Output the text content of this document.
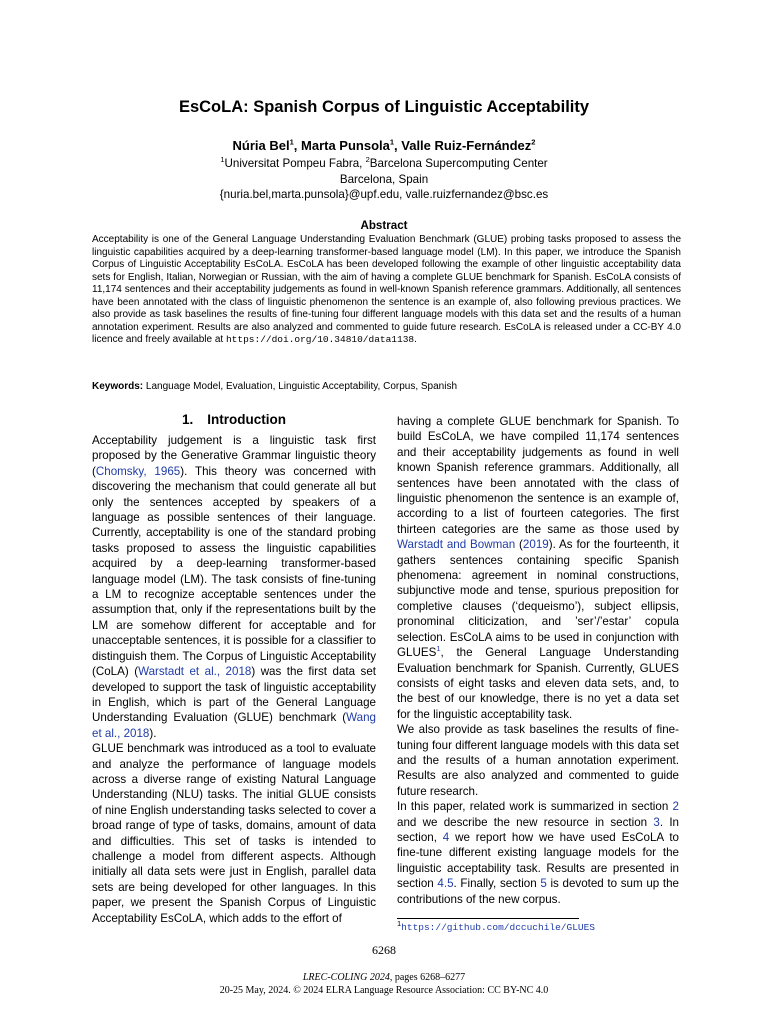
EsCoLA: Spanish Corpus of Linguistic Acceptability
Núria Bel$^1$, Marta Punsola$^1$, Valle Ruiz-Fernández$^2$
$^1$Universitat Pompeu Fabra, $^2$Barcelona Supercomputing Center
Barcelona, Spain
{nuria.bel,marta.punsola}@upf.edu, valle.ruizfernandez@bsc.es
Abstract
Acceptability is one of the General Language Understanding Evaluation Benchmark (GLUE) probing tasks proposed to assess the linguistic capabilities acquired by a deep-learning transformer-based language model (LM). In this paper, we introduce the Spanish Corpus of Linguistic Acceptability EsCoLA. EsCoLA has been developed following the example of other linguistic acceptability data sets for English, Italian, Norwegian or Russian, with the aim of having a complete GLUE benchmark for Spanish. EsCoLA consists of 11,174 sentences and their acceptability judgements as found in well-known Spanish reference grammars. Additionally, all sentences have been annotated with the class of linguistic phenomenon the sentence is an example of, also following previous practices. We also provide as task baselines the results of fine-tuning four different language models with this data set and the results of a human annotation experiment. Results are also analyzed and commented to guide future research. EsCoLA is released under a CC-BY 4.0 licence and freely available at https://doi.org/10.34810/data1138.
Keywords: Language Model, Evaluation, Linguistic Acceptability, Corpus, Spanish
1. Introduction

Acceptability judgement is a linguistic task first proposed by the Generative Grammar linguistic theory (Chomsky, 1965). This theory was concerned with discovering the mechanism that could generate all but only the sentences accepted by speakers of a language as possible sentences of their language. Currently, acceptability is one of the standard probing tasks proposed to assess the linguistic capabilities acquired by a deep-learning transformer-based language model (LM). The task consists of fine-tuning a LM to recognize acceptable sentences under the assumption that, only if the representations built by the LM are somehow different for acceptable and for unacceptable sentences, it is possible for a classifier to distinguish them. The Corpus of Linguistic Acceptability (CoLA) (Warstadt et al., 2018) was the first data set developed to support the task of linguistic acceptability in English, which is part of the General Language Understanding Evaluation (GLUE) benchmark (Wang et al., 2018).

GLUE benchmark was introduced as a tool to evaluate and analyze the performance of language models across a diverse range of existing Natural Language Understanding (NLU) tasks. The initial GLUE consists of nine English understanding tasks selected to cover a broad range of type of tasks, domains, amount of data and difficulties. This set of tasks is intended to challenge a model from different aspects. Although initially all data sets were just in English, parallel data sets are being developed for other languages. In this paper, we present the Spanish Corpus of Linguistic Acceptability EsCoLA, which adds to the effort of

having a complete GLUE benchmark for Spanish. To build EsCoLA, we have compiled 11,174 sentences and their acceptability judgements as found in well known Spanish reference grammars. Additionally, all sentences have been annotated with the class of linguistic phenomenon the sentence is an example of, according to a list of fourteen categories. The first thirteen categories are the same as those used by Warstadt and Bowman (2019). As for the fourteenth, it gathers sentences containing specific Spanish phenomena: agreement in nominal constructions, subjunctive mode and tense, spurious preposition for completive clauses (‘dequeismo’), subject ellipsis, pronominal cliticization, and ’ser’/’estar’ copula selection. EsCoLA aims to be used in conjunction with GLUES$^1$, the General Language Understanding Evaluation benchmark for Spanish. Currently, GLUES consists of eight tasks and eleven data sets, and, to the best of our knowledge, there is no yet a data set for the linguistic acceptability task.

We also provide as task baselines the results of fine-tuning four different language models with this data set and the results of a human annotation experiment. Results are also analyzed and commented to guide future research.

In this paper, related work is summarized in section 2 and we describe the new resource in section 3. In section, 4 we report how we have used EsCoLA to fine-tune different existing language models for the linguistic acceptability task. Results are presented in section 4.5. Finally, section 5 is devoted to sum up the contributions of the new corpus.

$^1$https://github.com/dccuchile/GLUES
6268
LREC-COLING 2024, pages 6268–6277
20-25 May, 2024. © 2024 ELRA Language Resource Association: CC BY-NC 4.0
